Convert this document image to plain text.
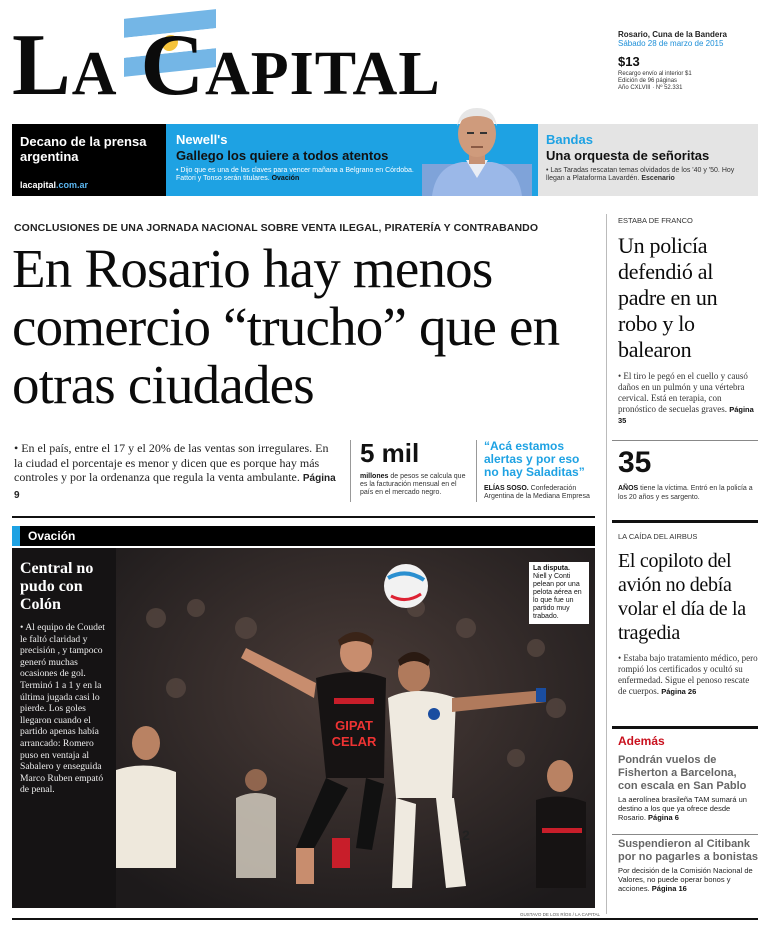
La Capital	Rosario, Cuna de la Bandera
Sábado 28 de marzo de 2015
$13
Recargo envío al interior $1
Edición de 96 páginas
Año CXLVIII · Nº 52.331
Decano de la prensa argentina
lacapital.com.ar
Newell's
Gallego los quiere a todos atentos
• Dijo que es una de las claves para vencer mañana a Belgrano en Córdoba. Fattori y Tonso serán titulares. Ovación
Bandas
Una orquesta de señoritas
• Las Taradas rescatan temas olvidados de los '40 y '50. Hoy llegan a Plataforma Lavardén. Escenario
CONCLUSIONES DE UNA JORNADA NACIONAL SOBRE VENTA ILEGAL, PIRATERÍA Y CONTRABANDO
En Rosario hay menos comercio “trucho” que en otras ciudades
• En el país, entre el 17 y el 20% de las ventas son irregulares. En la ciudad el porcentaje es menor y dicen que es porque hay más controles y por la ordenanza que regula la venta ambulante. Página 9
5 mil
millones de pesos se calcula que es la facturación mensual en el país en el mercado negro.
“Acá estamos alertas y por eso no hay Saladitas”
ELÍAS SOSO. Confederación Argentina de la Mediana Empresa
Ovación
Central no pudo con Colón
• Al equipo de Coudet le faltó claridad y precisión , y tampoco generó muchas ocasiones de gol. Terminó 1 a 1 y en la última jugada casi lo pierde. Los goles llegaron cuando el partido apenas había arrancado: Romero puso en ventaja al Sabalero y enseguida Marco Ruben empató de penal.
GIPAT
CELAR
2
La disputa. Niell y Conti pelean por una pelota aérea en lo que fue un partido muy trabado.
GUSTAVO DE LOS RÍOS / LA CAPITAL
ESTABA DE FRANCO
Un policía defendió al padre en un robo y lo balearon
• El tiro le pegó en el cuello y causó daños en un pulmón y una vértebra cervical. Está en terapia, con pronóstico de secuelas graves. Página 35
35
AÑOS tiene la víctima. Entró en la policía a los 20 años y es sargento.
LA CAÍDA DEL AIRBUS
El copiloto del avión no debía volar el día de la tragedia
• Estaba bajo tratamiento médico, pero rompió los certificados y ocultó su enfermedad. Sigue el penoso rescate de cuerpos. Página 26
Además
Pondrán vuelos de Fisherton a Barcelona, con escala en San Pablo
La aerolínea brasileña TAM sumará un destino a los que ya ofrece desde Rosario. Página 6
Suspendieron al Citibank por no pagarles a bonistas
Por decisión de la Comisión Nacional de Valores, no puede operar bonos y acciones. Página 16
